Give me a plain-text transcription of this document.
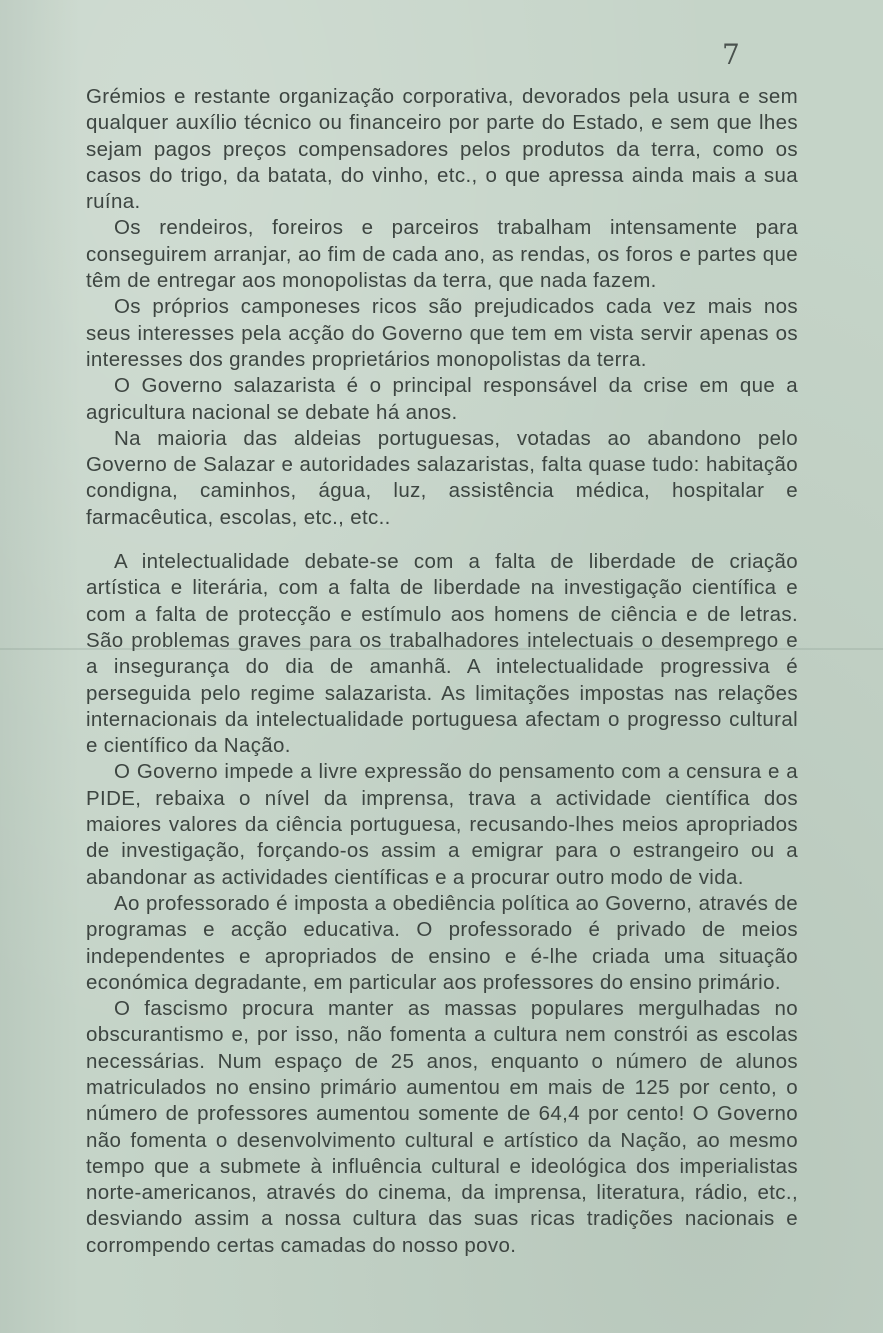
7

Grémios e restante organização corporativa, devorados pela usura e sem qualquer auxílio técnico ou financeiro por parte do Estado, e sem que lhes sejam pagos preços compensadores pelos produtos da terra, como os casos do trigo, da batata, do vinho, etc., o que apressa ainda mais a sua ruína.

Os rendeiros, foreiros e parceiros trabalham intensamente para conseguirem arranjar, ao fim de cada ano, as rendas, os foros e partes que têm de entregar aos monopolistas da terra, que nada fazem.

Os próprios camponeses ricos são prejudicados cada vez mais nos seus interesses pela acção do Governo que tem em vista servir apenas os interesses dos grandes proprietários monopolistas da terra.

O Governo salazarista é o principal responsável da crise em que a agricultura nacional se debate há anos.

Na maioria das aldeias portuguesas, votadas ao abandono pelo Governo de Salazar e autoridades salazaristas, falta quase tudo: habitação condigna, caminhos, água, luz, assistência médica, hospitalar e farmacêutica, escolas, etc., etc..

A intelectualidade debate-se com a falta de liberdade de criação artística e literária, com a falta de liberdade na investigação científica e com a falta de protecção e estímulo aos homens de ciência e de letras. São problemas graves para os trabalhadores intelectuais o desemprego e a insegurança do dia de amanhã. A intelectualidade progressiva é perseguida pelo regime salazarista. As limitações impostas nas relações internacionais da intelectualidade portuguesa afectam o progresso cultural e científico da Nação.

O Governo impede a livre expressão do pensamento com a censura e a PIDE, rebaixa o nível da imprensa, trava a actividade científica dos maiores valores da ciência portuguesa, recusando-lhes meios apropriados de investigação, forçando-os assim a emigrar para o estrangeiro ou a abandonar as actividades científicas e a procurar outro modo de vida.

Ao professorado é imposta a obediência política ao Governo, através de programas e acção educativa. O professorado é privado de meios independentes e apropriados de ensino e é-lhe criada uma situação económica degradante, em particular aos professores do ensino primário.

O fascismo procura manter as massas populares mergulhadas no obscurantismo e, por isso, não fomenta a cultura nem constrói as escolas necessárias. Num espaço de 25 anos, enquanto o número de alunos matriculados no ensino primário aumentou em mais de 125 por cento, o número de professores aumentou somente de 64,4 por cento! O Governo não fomenta o desenvolvimento cultural e artístico da Nação, ao mesmo tempo que a submete à influência cultural e ideológica dos imperialistas norte-americanos, através do cinema, da imprensa, literatura, rádio, etc., desviando assim a nossa cultura das suas ricas tradições nacionais e corrompendo certas camadas do nosso povo.
